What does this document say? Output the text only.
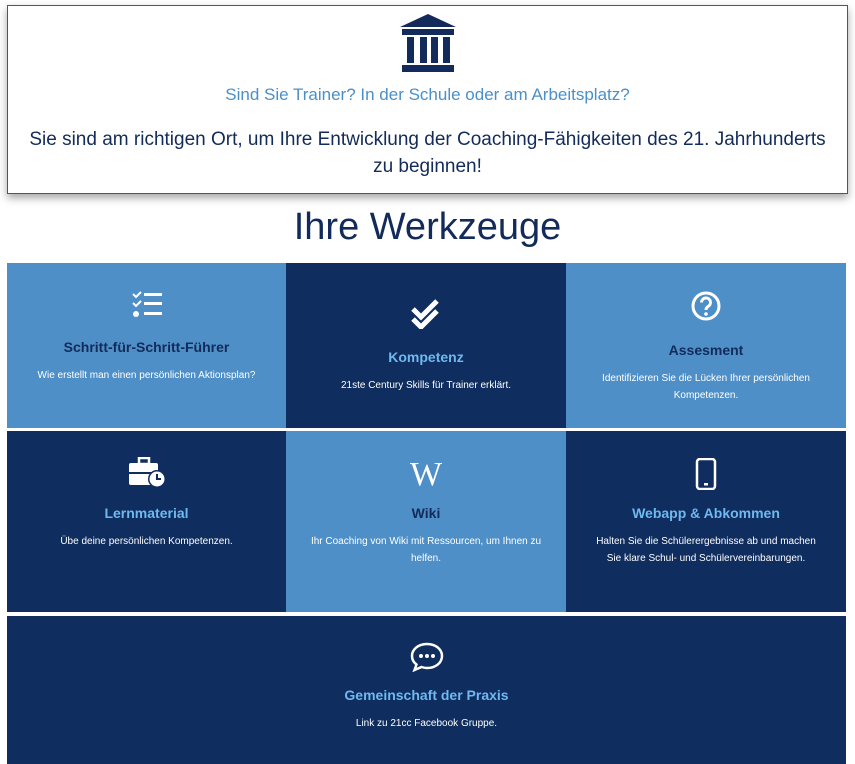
Sind Sie Trainer? In der Schule oder am Arbeitsplatz?
Sie sind am richtigen Ort, um Ihre Entwicklung der Coaching-Fähigkeiten des 21. Jahrhunderts zu beginnen!
Ihre Werkzeuge
Schritt-für-Schritt-Führer

Wie erstellt man einen persönlichen Aktionsplan?

Kompetenz

21ste Century Skills für Trainer erklärt.

Assesment

Identifizieren Sie die Lücken Ihrer persönlichen Kompetenzen.

Lernmaterial

Übe deine persönlichen Kompetenzen.

W
Wiki

Ihr Coaching von Wiki mit Ressourcen, um Ihnen zu helfen.

Webapp & Abkommen

Halten Sie die Schülerergebnisse ab und machen Sie klare Schul- und Schülervereinbarungen.

Gemeinschaft der Praxis

Link zu 21cc Facebook Gruppe.
